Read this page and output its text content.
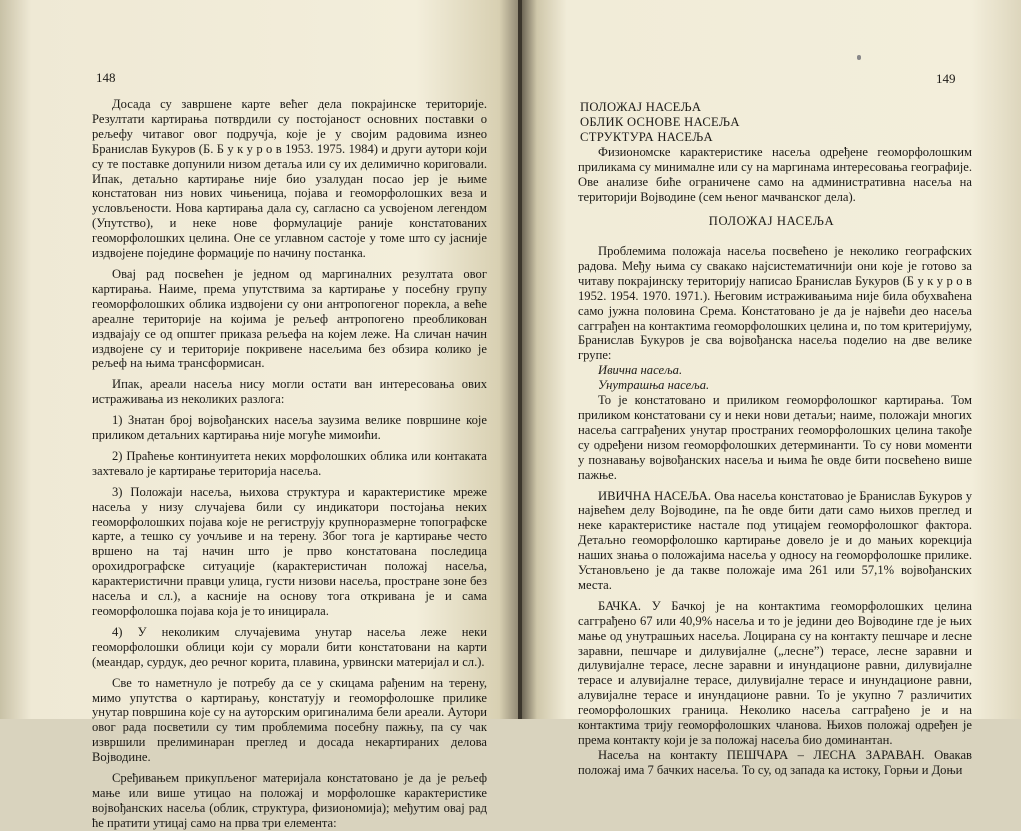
148

Досада су завршене карте већег дела покрајинске територије. Резултати картирања потврдили су постојаност основних поставки о рељефу читавог овог подручја, које је у својим радовима изнео Бранислав Букуров (Б. Б у к у р о в 1953. 1975. 1984) и други аутори који су те поставке допунили низом детаља или су их делимично кориговали. Ипак, детаљно картирање није био узалудан посао јер је њиме констатован низ нових чињеница, појава и геоморфолошких веза и условљености. Нова картирања дала су, сагласно са усвојеном легендом (Упутство), и неке нове формулације раније констатованих геоморфолошких целина. Оне се углавном састоје у томе што су јасније издвојене поједине формације по начину постанка.

Овај рад посвећен је једном од маргиналних резултата овог картирања. Наиме, према упутствима за картирање у посебну групу геоморфолошких облика издвојени су они антропогеног порекла, а веће ареалне територије на којима је рељеф антропогено преобликован издвајају се од општег приказа рељефа на којем леже. На сличан начин издвојене су и територије покривене насељима без обзира колико је рељеф на њима трансформисан.

Ипак, ареали насеља нису могли остати ван интересовања ових истраживања из неколиких разлога:

1) Знатан број војвођанских насеља заузима велике површине које приликом детаљних картирања није могуће мимоићи.

2) Праћење континуитета неких морфолошких облика или контаката захтевало је картирање територија насеља.

3) Положаји насеља, њихова структура и карактеристике мреже насеља у низу случајева били су индикатори постојања неких геоморфолошких појава које не региструју крупноразмерне топографске карте, а тешко су уочљиве и на терену. Због тога је картирање често вршено на тај начин што је прво констатована последица орохидрографске ситуације (карактеристичан положај насеља, карактеристични правци улица, густи низови насеља, простране зоне без насеља и сл.), а касније на основу тога откривана је и сама геоморфолошка појава која је то иницирала.

4) У неколиким случајевима унутар насеља леже неки геоморфолошки облици који су морали бити констатовани на карти (меандар, сурдук, део речног корита, плавина, урвински материјал и сл.).

Све то наметнуло је потребу да се у скицама рађеним на терену, мимо упутства о картирању, констатују и геоморфолошке прилике унутар површина које су на ауторским оригиналима бели ареали. Аутори овог рада посветили су тим проблемима посебну пажњу, па су чак извршили прелиминаран преглед и досада некартираних делова Војводине.

Сређивањем прикупљеног материјала констатовано је да је рељеф мање или више утицао на положај и морфолошке карактеристике војвођанских насеља (облик, структура, физиономија); међутим овај рад ће пратити утицај само на прва три елемента:

149
ПОЛОЖАЈ НАСЕЉА
ОБЛИК ОСНОВЕ НАСЕЉА
СТРУКТУРА НАСЕЉА

Физиономске карактеристике насеља одређене геоморфолошким приликама су минималне или су на маргинама интересовања географије. Ове анализе биће ограничене само на административна насеља на територији Војводине (сем њеног мачванског дела).

ПОЛОЖАЈ НАСЕЉА

Проблемима положаја насеља посвећено је неколико географских радова. Међу њима су свакако најсистематичнији они које је готово за читаву покрајинску територију написао Бранислав Букуров (Б у к у р о в 1952. 1954. 1970. 1971.). Његовим истраживањима није била обухваћена само јужна половина Срема. Констатовано је да је највећи део насеља сагграђен на контактима геоморфолошких целина и, по том критеријуму, Бранислав Букуров је сва војвођанска насеља поделио на две велике групе:

Ивична насеља.

Унутрашња насеља.

То је констатовано и приликом геоморфолошког картирања. Том приликом констатовани су и неки нови детаљи; наиме, положаји многих насеља сагграђених унутар пространих геоморфолошких целина такође су одређени низом геоморфолошких детерминанти. То су нови моменти у познавању војвођанских насеља и њима ће овде бити посвећено више пажње.

ИВИЧНА НАСЕЉА. Ова насеља констатовао је Бранислав Букуров у највећем делу Војводине, па ће овде бити дати само њихов преглед и неке карактеристике настале под утицајем геоморфолошког фактора. Детаљно геоморфолошко картирање довело је и до мањих корекција наших знања о положајима насеља у односу на геоморфолошке прилике. Установљено је да таквe положаје има 261 или 57,1% војвођанских места.

БАЧКА. У Бачкој је на контактима геоморфолошких целина сагграђено 67 или 40,9% насеља и то је једини део Војводине где је њих мање од унутрашњих насеља. Лоцирана су на контакту пешчаре и лесне заравни, пешчаре и дилувијалне („лесне”) терасе, лесне заравни и дилувијалне терасе, лесне заравни и инундационе равни, дилувијалне терасе и алувијалне терасе, дилувијалне терасе и инундационе равни, алувијалне терасе и инундационе равни. То је укупно 7 различитих геоморфолошких граница. Неколико насеља сагграђено је и на контактима трију геоморфолошких чланова. Њихов положај одређен је према контакту који је за положај насеља био доминантан.

Насеља на контакту ПЕШЧАРА – ЛЕСНА ЗАРАВАН. Овакав положај има 7 бачких насеља. То су, од запада ка истоку, Горњи и Доњи
